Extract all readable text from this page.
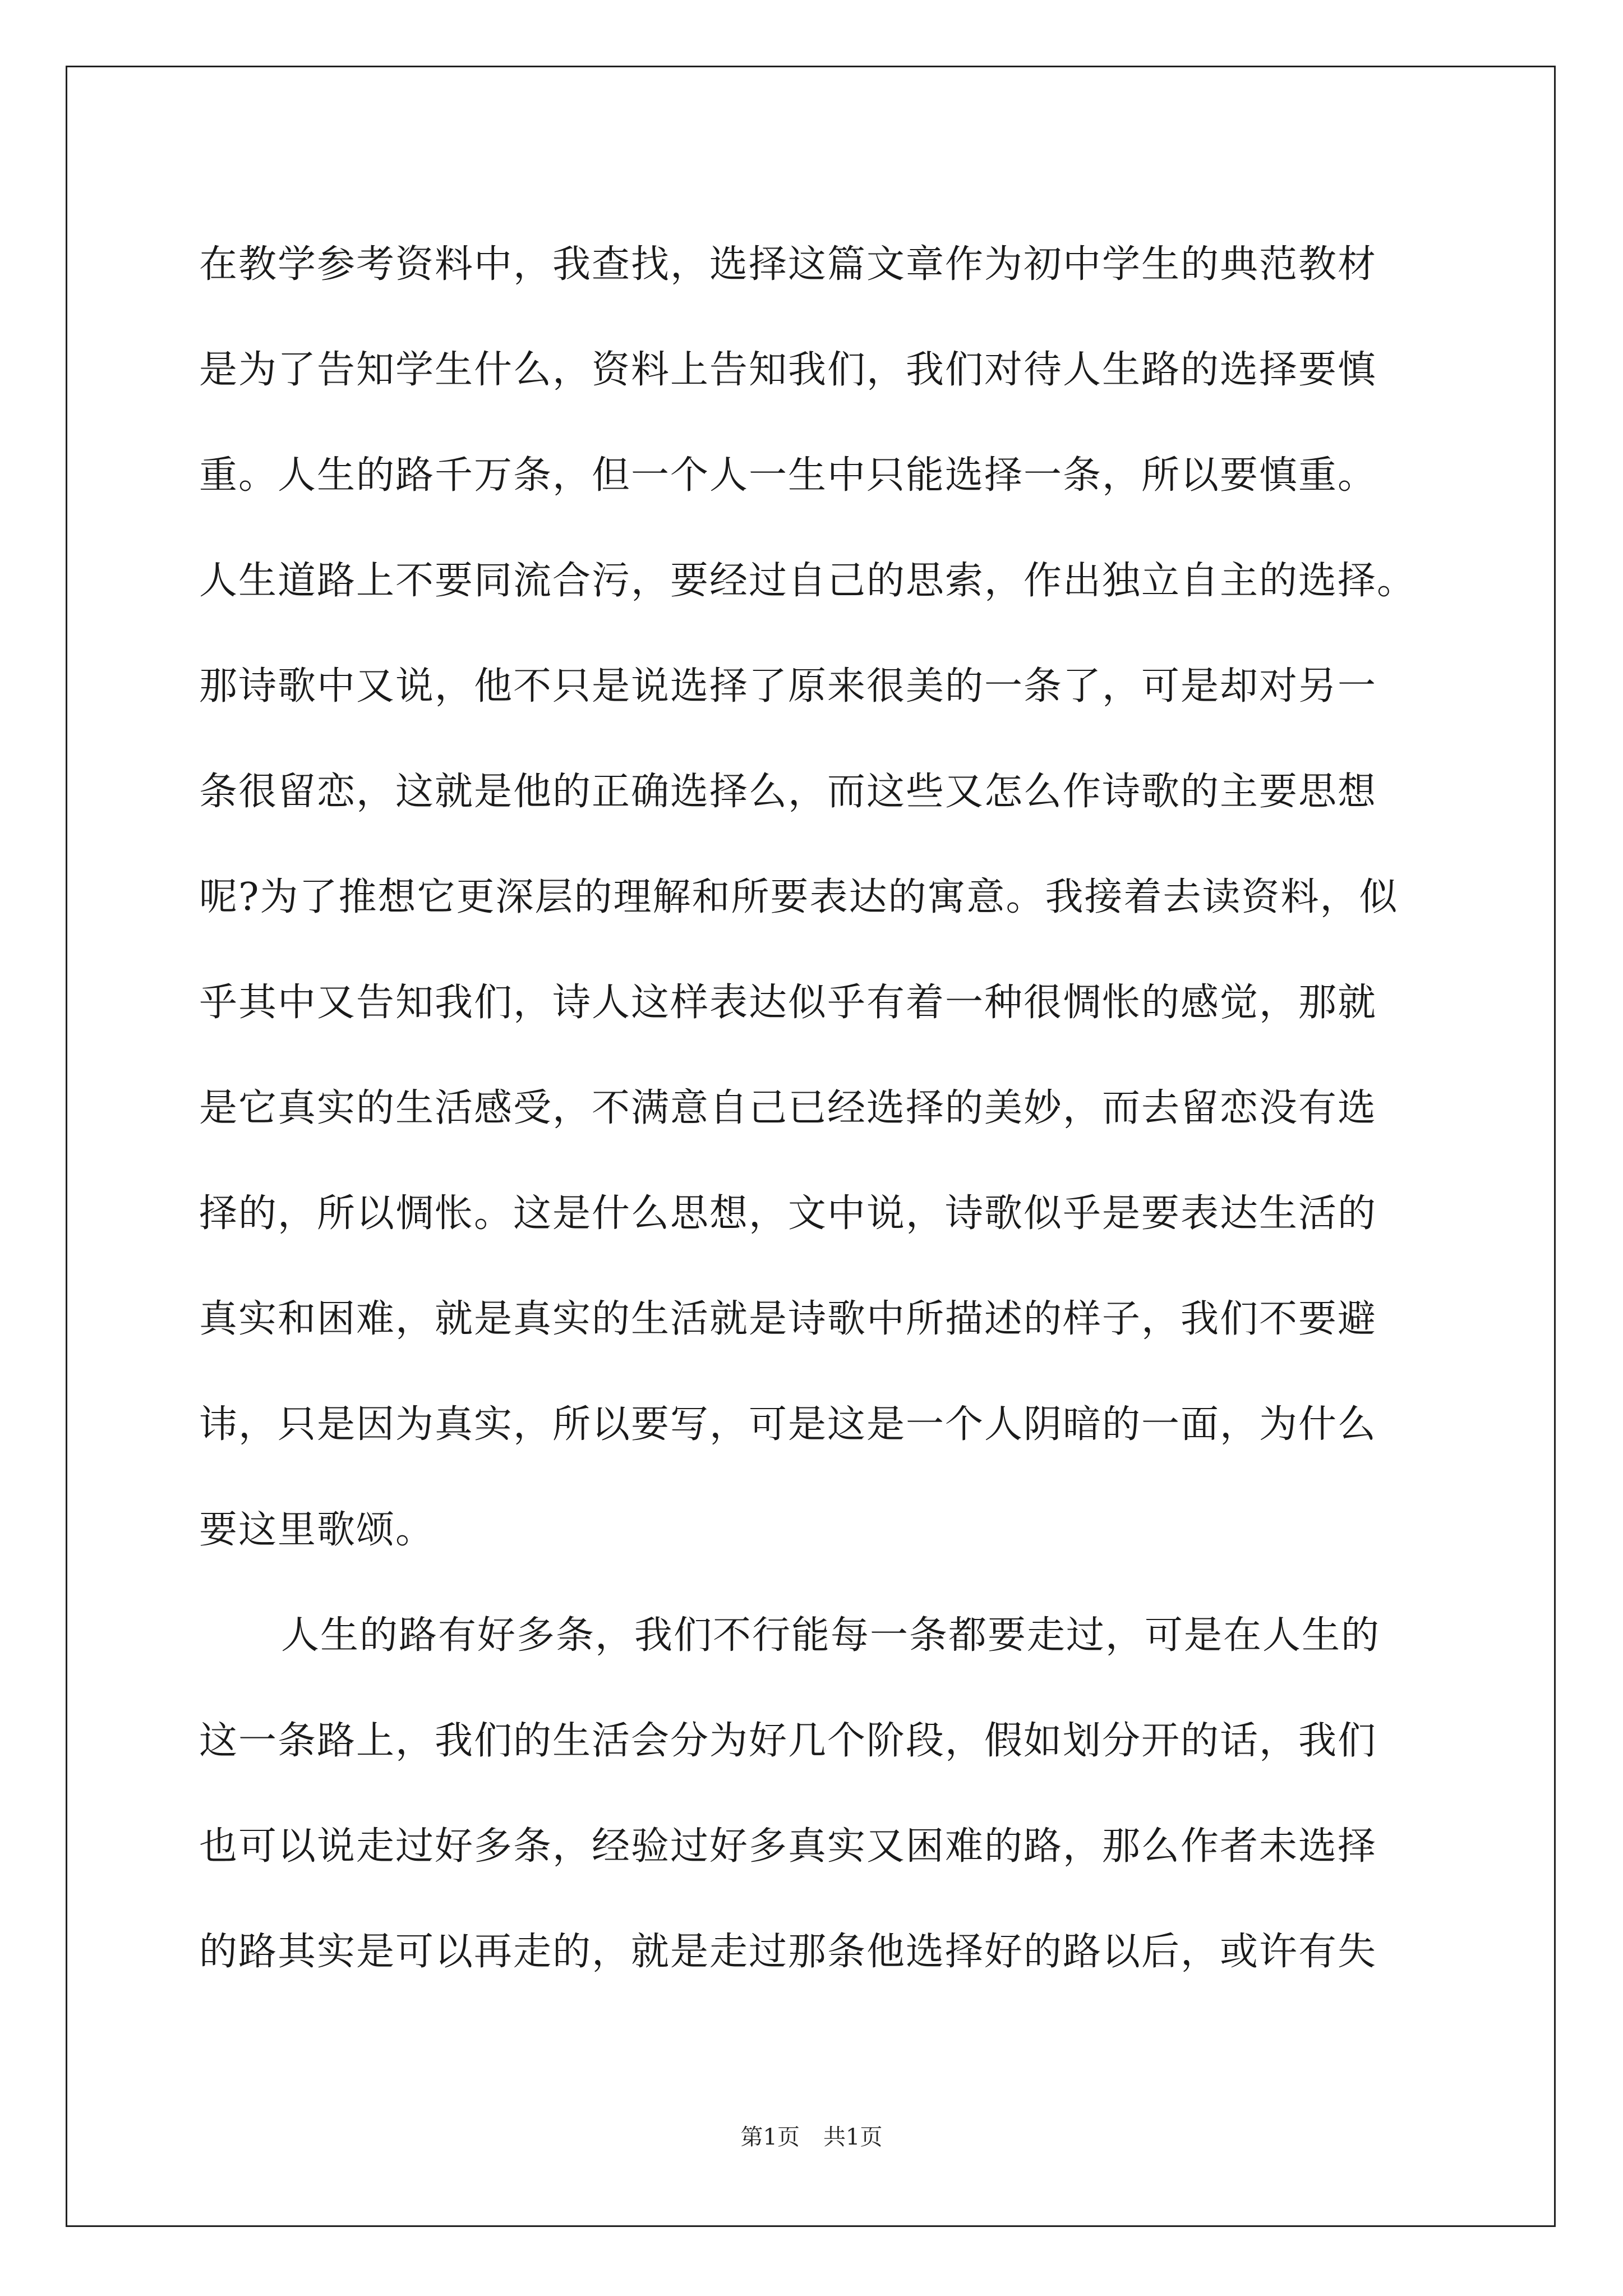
在教学参考资料中，我查找，选择这篇文章作为初中学生的典范教材
是为了告知学生什么，资料上告知我们，我们对待人生路的选择要慎
重。人生的路千万条，但一个人一生中只能选择一条，所以要慎重。
人生道路上不要同流合污，要经过自己的思索，作出独立自主的选择。
那诗歌中又说，他不只是说选择了原来很美的一条了，可是却对另一
条很留恋，这就是他的正确选择么，而这些又怎么作诗歌的主要思想
呢?为了推想它更深层的理解和所要表达的寓意。我接着去读资料，似
乎其中又告知我们，诗人这样表达似乎有着一种很惆怅的感觉，那就
是它真实的生活感受，不满意自己已经选择的美妙，而去留恋没有选
择的，所以惆怅。这是什么思想，文中说，诗歌似乎是要表达生活的
真实和困难，就是真实的生活就是诗歌中所描述的样子，我们不要避
讳，只是因为真实，所以要写，可是这是一个人阴暗的一面，为什么
要这里歌颂。
人生的路有好多条，我们不行能每一条都要走过，可是在人生的
这一条路上，我们的生活会分为好几个阶段，假如划分开的话，我们
也可以说走过好多条，经验过好多真实又困难的路，那么作者未选择
的路其实是可以再走的，就是走过那条他选择好的路以后，或许有失
第1页 共1页
